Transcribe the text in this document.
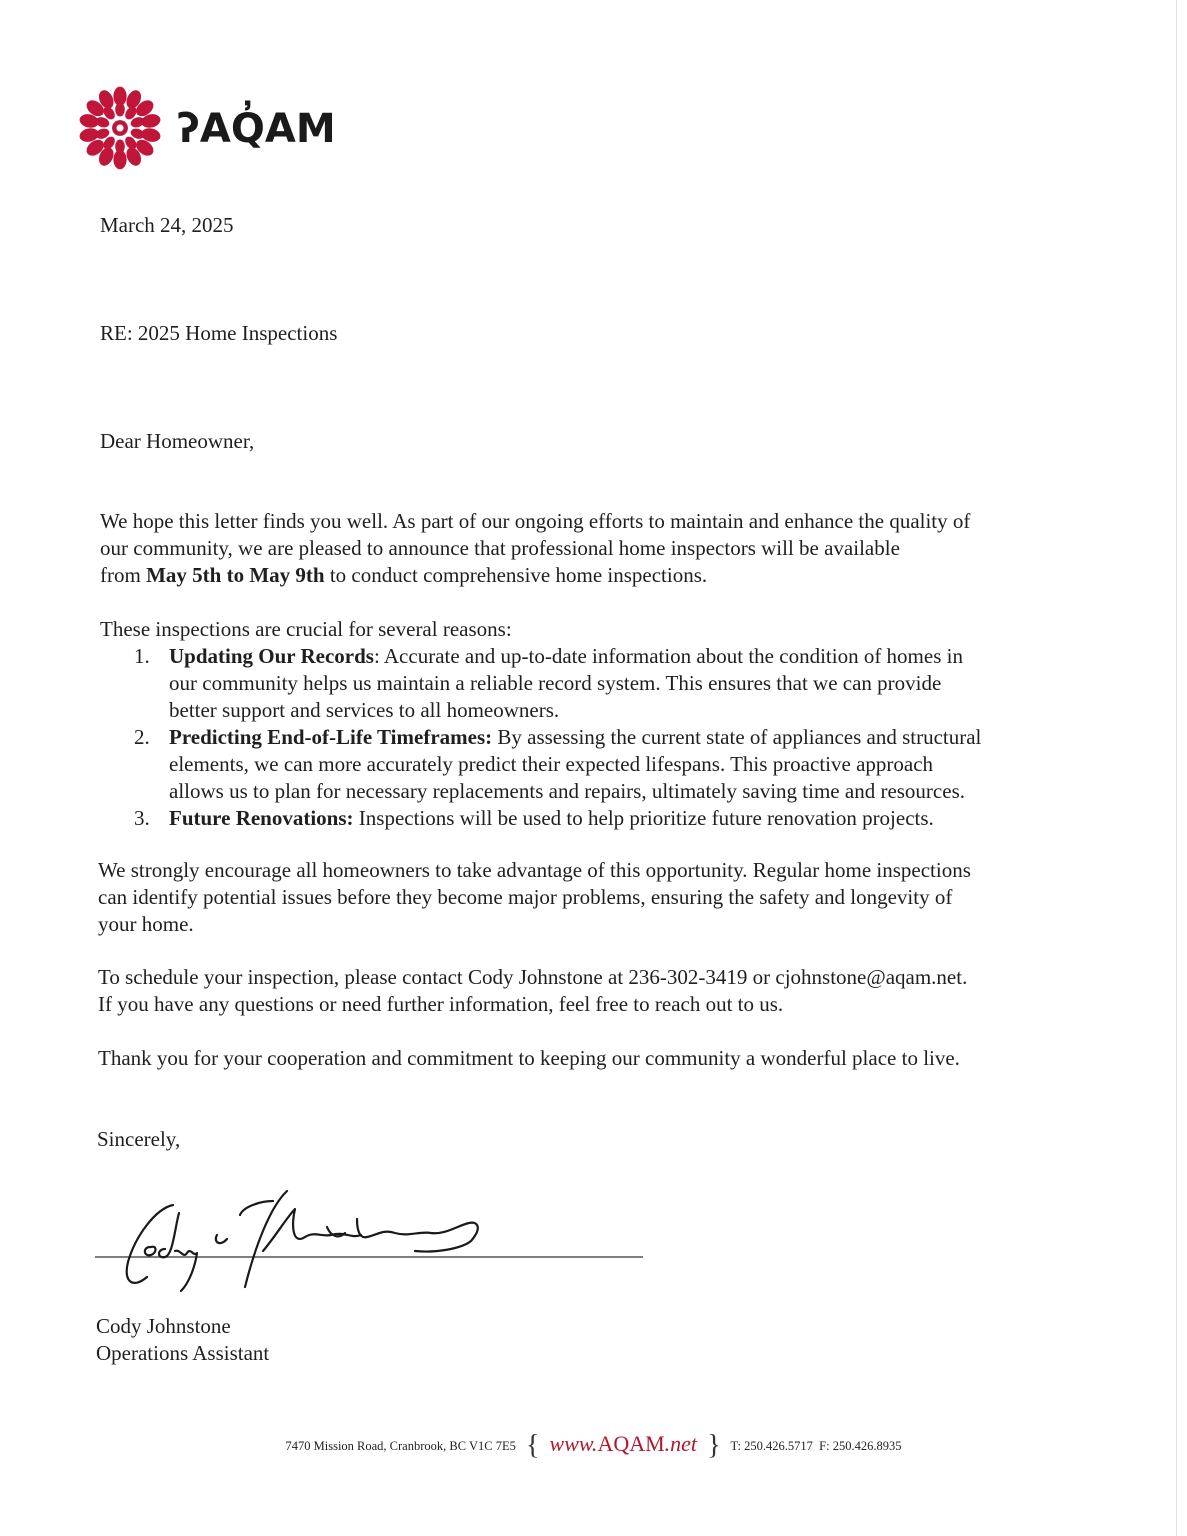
ʔAQ̓AM
March 24, 2025
RE: 2025 Home Inspections
Dear Homeowner,

We hope this letter finds you well. As part of our ongoing efforts to maintain and enhance the quality of

our community, we are pleased to announce that professional home inspectors will be available

from May 5th to May 9th to conduct comprehensive home inspections.

These inspections are crucial for several reasons:
1. Updating Our Records: Accurate and up-to-date information about the condition of homes in

our community helps us maintain a reliable record system. This ensures that we can provide

better support and services to all homeowners.

2. Predicting End-of-Life Timeframes: By assessing the current state of appliances and structural

elements, we can more accurately predict their expected lifespans. This proactive approach

allows us to plan for necessary replacements and repairs, ultimately saving time and resources.

3. Future Renovations: Inspections will be used to help prioritize future renovation projects.

We strongly encourage all homeowners to take advantage of this opportunity. Regular home inspections

can identify potential issues before they become major problems, ensuring the safety and longevity of

your home.

To schedule your inspection, please contact Cody Johnstone at 236-302-3419 or cjohnstone@aqam.net.

If you have any questions or need further information, feel free to reach out to us.

Thank you for your cooperation and commitment to keeping our community a wonderful place to live.
Sincerely,
Cody Johnstone
Operations Assistant
7470 Mission Road, Cranbrook, BC V1C 7E5 { www.AQAM.net } T: 250.426.5717 F: 250.426.8935
